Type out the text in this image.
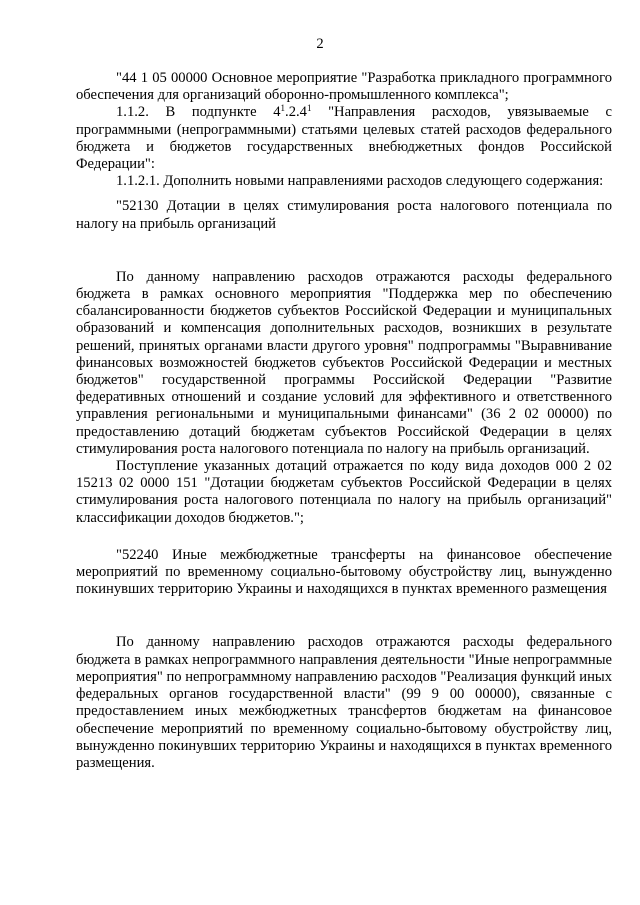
2

"44 1 05 00000 Основное мероприятие "Разработка прикладного программного обеспечения для организаций оборонно-промышленного комплекса";

1.1.2. В подпункте $4^1.2.4^1$ "Направления расходов, увязываемые с программными (непрограммными) статьями целевых статей расходов федерального бюджета и бюджетов государственных внебюджетных фондов Российской Федерации":

1.1.2.1. Дополнить новыми направлениями расходов следующего содержания:

"52130 Дотации в целях стимулирования роста налогового потенциала по налогу на прибыль организаций

По данному направлению расходов отражаются расходы федерального бюджета в рамках основного мероприятия "Поддержка мер по обеспечению сбалансированности бюджетов субъектов Российской Федерации и муниципальных образований и компенсация дополнительных расходов, возникших в результате решений, принятых органами власти другого уровня" подпрограммы "Выравнивание финансовых возможностей бюджетов субъектов Российской Федерации и местных бюджетов" государственной программы Российской Федерации "Развитие федеративных отношений и создание условий для эффективного и ответственного управления региональными и муниципальными финансами" (36 2 02 00000) по предоставлению дотаций бюджетам субъектов Российской Федерации в целях стимулирования роста налогового потенциала по налогу на прибыль организаций.

Поступление указанных дотаций отражается по коду вида доходов 000 2 02 15213 02 0000 151 "Дотации бюджетам субъектов Российской Федерации в целях стимулирования роста налогового потенциала по налогу на прибыль организаций" классификации доходов бюджетов.";

"52240 Иные межбюджетные трансферты на финансовое обеспечение мероприятий по временному социально-бытовому обустройству лиц, вынужденно покинувших территорию Украины и находящихся в пунктах временного размещения

По данному направлению расходов отражаются расходы федерального бюджета в рамках непрограммного направления деятельности "Иные непрограммные мероприятия" по непрограммному направлению расходов "Реализация функций иных федеральных органов государственной власти" (99 9 00 00000), связанные с предоставлением иных межбюджетных трансфертов бюджетам на финансовое обеспечение мероприятий по временному социально-бытовому обустройству лиц, вынужденно покинувших территорию Украины и находящихся в пунктах временного размещения.
